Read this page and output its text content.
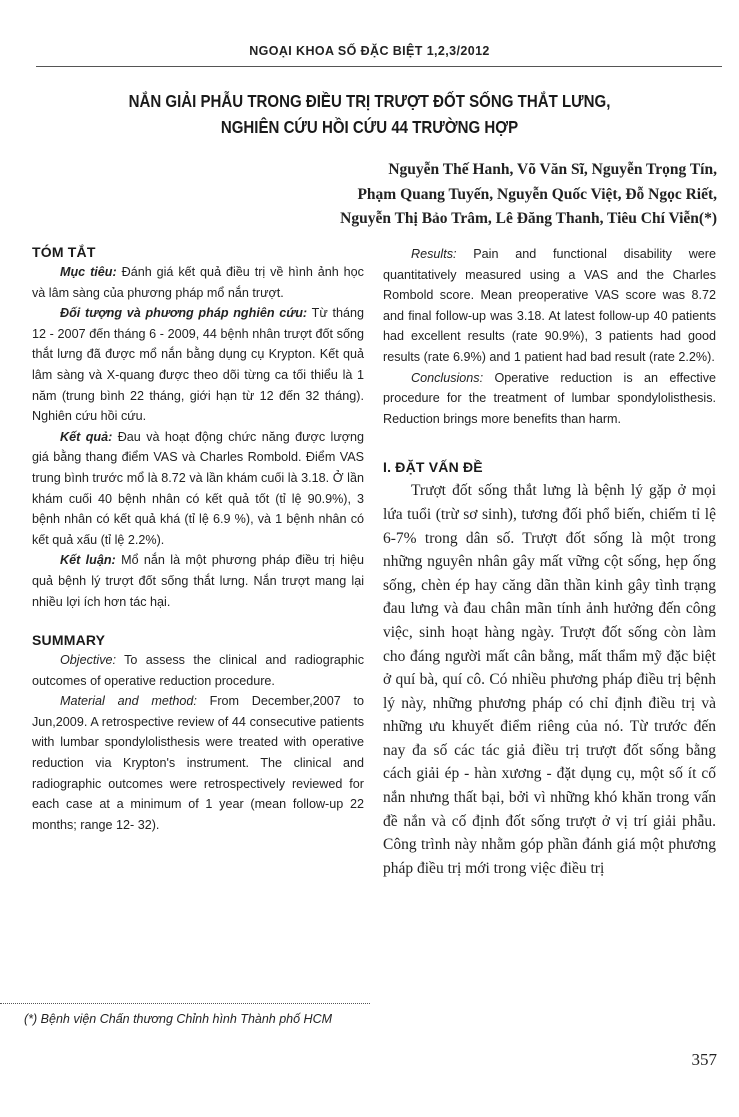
NGOẠI KHOA SỐ ĐẶC BIỆT 1,2,3/2012
NẮN GIẢI PHẪU TRONG ĐIỀU TRỊ TRƯỢT ĐỐT SỐNG THẮT LƯNG,
NGHIÊN CỨU HỒI CỨU 44 TRƯỜNG HỢP
Nguyễn Thế Hanh, Võ Văn Sĩ, Nguyễn Trọng Tín,
Phạm Quang Tuyến, Nguyễn Quốc Việt, Đỗ Ngọc Riết,
Nguyễn Thị Bảo Trâm, Lê Đăng Thanh, Tiêu Chí Viễn(*)
TÓM TẮT

Mục tiêu: Đánh giá kết quả điều trị về hình ảnh học và lâm sàng của phương pháp mổ nắn trượt.

Đối tượng và phương pháp nghiên cứu: Từ tháng 12 - 2007 đến tháng 6 - 2009, 44 bệnh nhân trượt đốt sống thắt lưng đã được mổ nắn bằng dụng cụ Krypton. Kết quả lâm sàng và X-quang được theo dõi từng ca tối thiểu là 1 năm (trung bình 22 tháng, giới hạn từ 12 đến 32 tháng). Nghiên cứu hồi cứu.

Kết quả: Đau và hoạt động chức năng được lượng giá bằng thang điểm VAS và Charles Rombold. Điểm VAS trung bình trước mổ là 8.72 và lần khám cuối là 3.18. Ở lần khám cuối 40 bệnh nhân có kết quả tốt (tỉ lệ 90.9%), 3 bệnh nhân có kết quả khá (tỉ lệ 6.9 %), và 1 bệnh nhân có kết quả xấu (tỉ lệ 2.2%).

Kết luận: Mổ nắn là một phương pháp điều trị hiệu quả bệnh lý trượt đốt sống thắt lưng. Nắn trượt mang lại nhiều lợi ích hơn tác hại.

SUMMARY

Objective: To assess the clinical and radiographic outcomes of operative reduction procedure.

Material and method: From December,2007 to Jun,2009. A retrospective review of 44 consecutive patients with lumbar spondylolisthesis were treated with operative reduction via Krypton's instrument. The clinical and radiographic outcomes were retrospectively reviewed for each case at a minimum of 1 year (mean follow-up 22 months; range 12- 32).

Results: Pain and functional disability were quantitatively measured using a VAS and the Charles Rombold score. Mean preoperative VAS score was 8.72 and final follow-up was 3.18. At latest follow-up 40 patients had excellent results (rate 90.9%), 3 patients had good results (rate 6.9%) and 1 patient had bad result (rate 2.2%).

Conclusions: Operative reduction is an effective procedure for the treatment of lumbar spondylolisthesis. Reduction brings more benefits than harm.

I. ĐẶT VẤN ĐỀ

Trượt đốt sống thắt lưng là bệnh lý gặp ở mọi lứa tuổi (trừ sơ sinh), tương đối phổ biến, chiếm tỉ lệ 6-7% trong dân số. Trượt đốt sống là một trong những nguyên nhân gây mất vững cột sống, hẹp ống sống, chèn ép hay căng dãn thần kinh gây tình trạng đau lưng và đau chân mãn tính ảnh hưởng đến công việc, sinh hoạt hàng ngày. Trượt đốt sống còn làm cho đáng người mất cân bằng, mất thẩm mỹ đặc biệt ở quí bà, quí cô. Có nhiều phương pháp điều trị bệnh lý này, những phương pháp có chỉ định điều trị và những ưu khuyết điểm riêng của nó. Từ trước đến nay đa số các tác giả điều trị trượt đốt sống bằng cách giải ép - hàn xương - đặt dụng cụ, một số ít cố nắn nhưng thất bại, bởi vì những khó khăn trong vấn đề nắn và cố định đốt sống trượt ở vị trí giải phẫu. Công trình này nhằm góp phần đánh giá một phương pháp điều trị mới trong việc điều trị

(*) Bệnh viện Chấn thương Chỉnh hình Thành phố HCM
357
